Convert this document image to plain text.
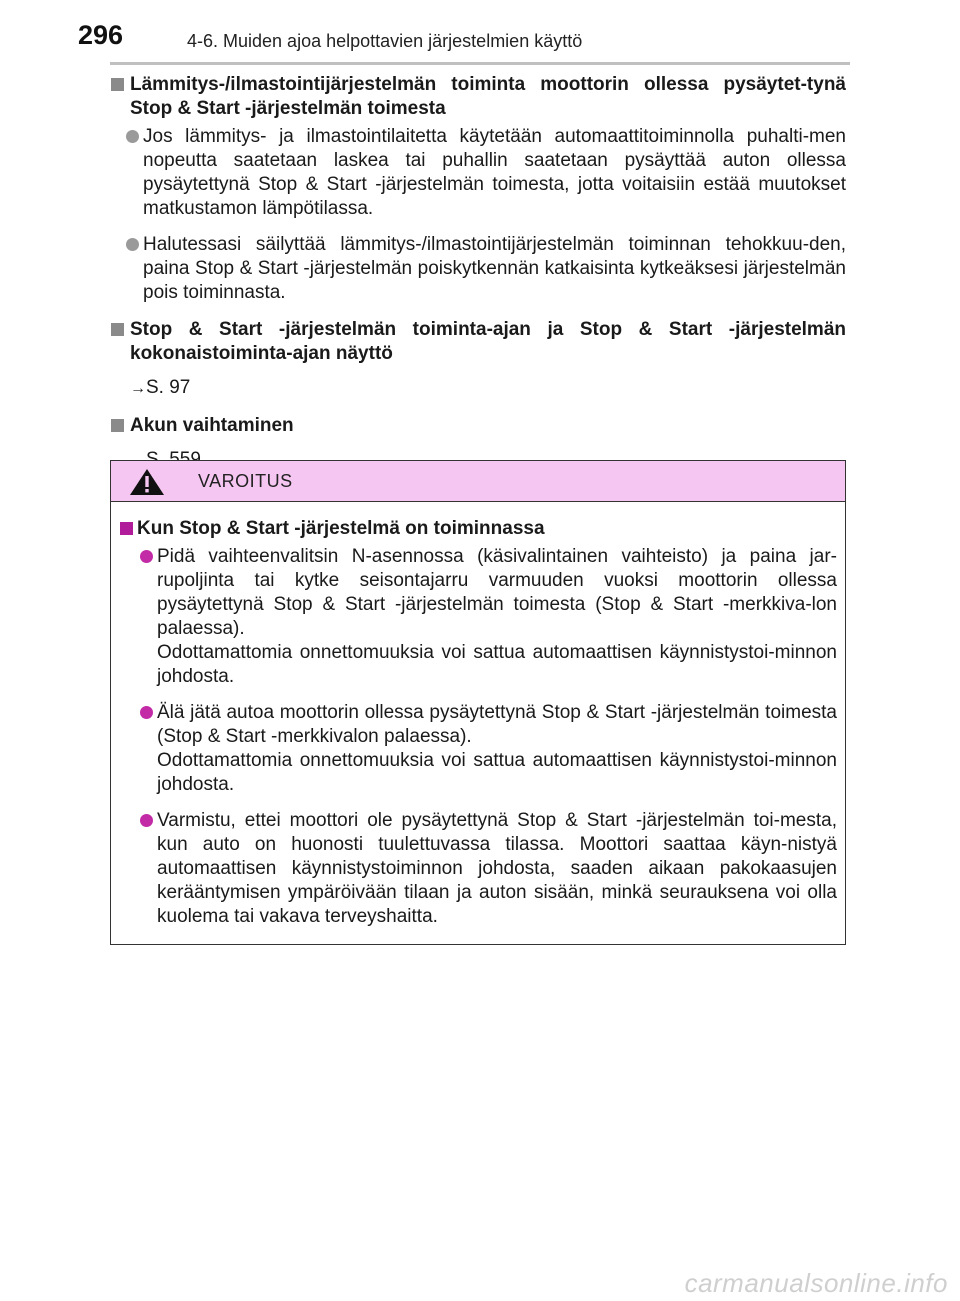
296	4-6. Muiden ajoa helpottavien järjestelmien käyttö
Lämmitys-/ilmastointijärjestelmän toiminta moottorin ollessa pysäytet-tynä Stop & Start -järjestelmän toimesta
Jos lämmitys- ja ilmastointilaitetta käytetään automaattitoiminnolla puhalti-men nopeutta saatetaan laskea tai puhallin saatetaan pysäyttää auton ollessa pysäytettynä Stop & Start -järjestelmän toimesta, jotta voitaisiin estää muutokset matkustamon lämpötilassa.
Halutessasi säilyttää lämmitys-/ilmastointijärjestelmän toiminnan tehokkuu-den, paina Stop & Start -järjestelmän poiskytkennän katkaisinta kytkeäksesi järjestelmän pois toiminnasta.
Stop & Start -järjestelmän toiminta-ajan ja Stop & Start -järjestelmän kokonaistoiminta-ajan näyttö
→S. 97
Akun vaihtaminen
VAROITUS
Kun Stop & Start -järjestelmä on toiminnassa
Pidä vaihteenvalitsin N-asennossa (käsivalintainen vaihteisto) ja paina jar-rupoljinta tai kytke seisontajarru varmuuden vuoksi moottorin ollessa pysäytettynä Stop & Start -järjestelmän toimesta (Stop & Start -merkkiva-lon palaessa).
Odottamattomia onnettomuuksia voi sattua automaattisen käynnistystoi-minnon johdosta.
Älä jätä autoa moottorin ollessa pysäytettynä Stop & Start -järjestelmän toimesta (Stop & Start -merkkivalon palaessa).
Odottamattomia onnettomuuksia voi sattua automaattisen käynnistystoi-minnon johdosta.
Varmistu, ettei moottori ole pysäytettynä Stop & Start -järjestelmän toi-mesta, kun auto on huonosti tuulettuvassa tilassa. Moottori saattaa käyn-nistyä automaattisen käynnistystoiminnon johdosta, saaden aikaan pakokaasujen kerääntymisen ympäröivään tilaan ja auton sisään, minkä seurauksena voi olla kuolema tai vakava terveyshaitta.
carmanualsonline.info
